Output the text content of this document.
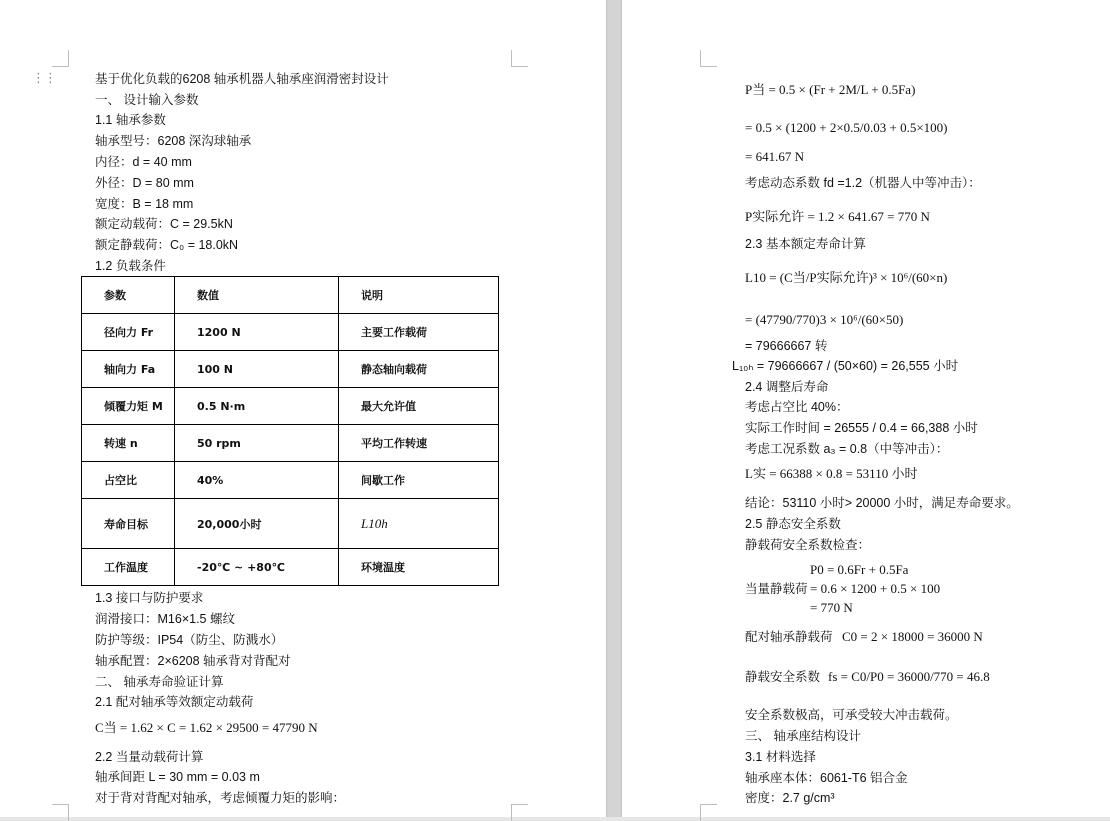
⋮⋮	基于优化负载的6208 轴承机器人轴承座润滑密封设计
一、 设计输入参数
1.1 轴承参数
轴承型号：6208 深沟球轴承
内径：d = 40 mm
外径：D = 80 mm
宽度：B = 18 mm
额定动载荷：C = 29.5kN
额定静载荷：C₀ = 18.0kN
1.2 负载条件
参数	数值	说明
径向力 Fr	1200 N	主要工作载荷
轴向力 Fa	100 N	静态轴向载荷
倾覆力矩 M	0.5 N·m	最大允许值
转速 n	50 rpm	平均工作转速
占空比	40%	间歇工作
寿命目标	20,000小时	L10h
工作温度	-20℃ ~ +80℃	环境温度
1.3 接口与防护要求
润滑接口：M16×1.5 螺纹
防护等级：IP54（防尘、防溅水）
轴承配置：2×6208 轴承背对背配对
二、 轴承寿命验证计算
2.1 配对轴承等效额定动载荷
C当 = 1.62 × C = 1.62 × 29500 = 47790 N
2.2 当量动载荷计算
轴承间距 L = 30 mm = 0.03 m
对于背对背配对轴承，考虑倾覆力矩的影响：
P当 = 0.5 × (Fr + 2M/L + 0.5Fa)
= 0.5 × (1200 + 2×0.5/0.03 + 0.5×100)
= 641.67 N
考虑动态系数 fd =1.2（机器人中等冲击）：
P实际允许 = 1.2 × 641.67 = 770 N
2.3 基本额定寿命计算
L10 = (C当/P实际允许)³ × 10⁶/(60×n)
= (47790/770)3 × 10⁶/(60×50)
= 79666667 转
L₁₀ₕ = 79666667 / (50×60) = 26,555 小时
2.4 调整后寿命
考虑占空比 40%：
实际工作时间 = 26555 / 0.4 = 66,388 小时
考虑工况系数 a₃ = 0.8（中等冲击）：
L实 = 66388 × 0.8 = 53110 小时
结论：53110 小时> 20000 小时，满足寿命要求。
2.5 静态安全系数
静载荷安全系数检查：
P0 = 0.6Fr + 0.5Fa
当量静载荷 = 0.6 × 1200 + 0.5 × 100
= 770 N
配对轴承静载荷 C0 = 2 × 18000 = 36000 N
静载安全系数 fs = C0/P0 = 36000/770 = 46.8
安全系数极高，可承受较大冲击载荷。
三、 轴承座结构设计
3.1 材料选择
轴承座本体：6061-T6 铝合金
密度：2.7 g/cm³
